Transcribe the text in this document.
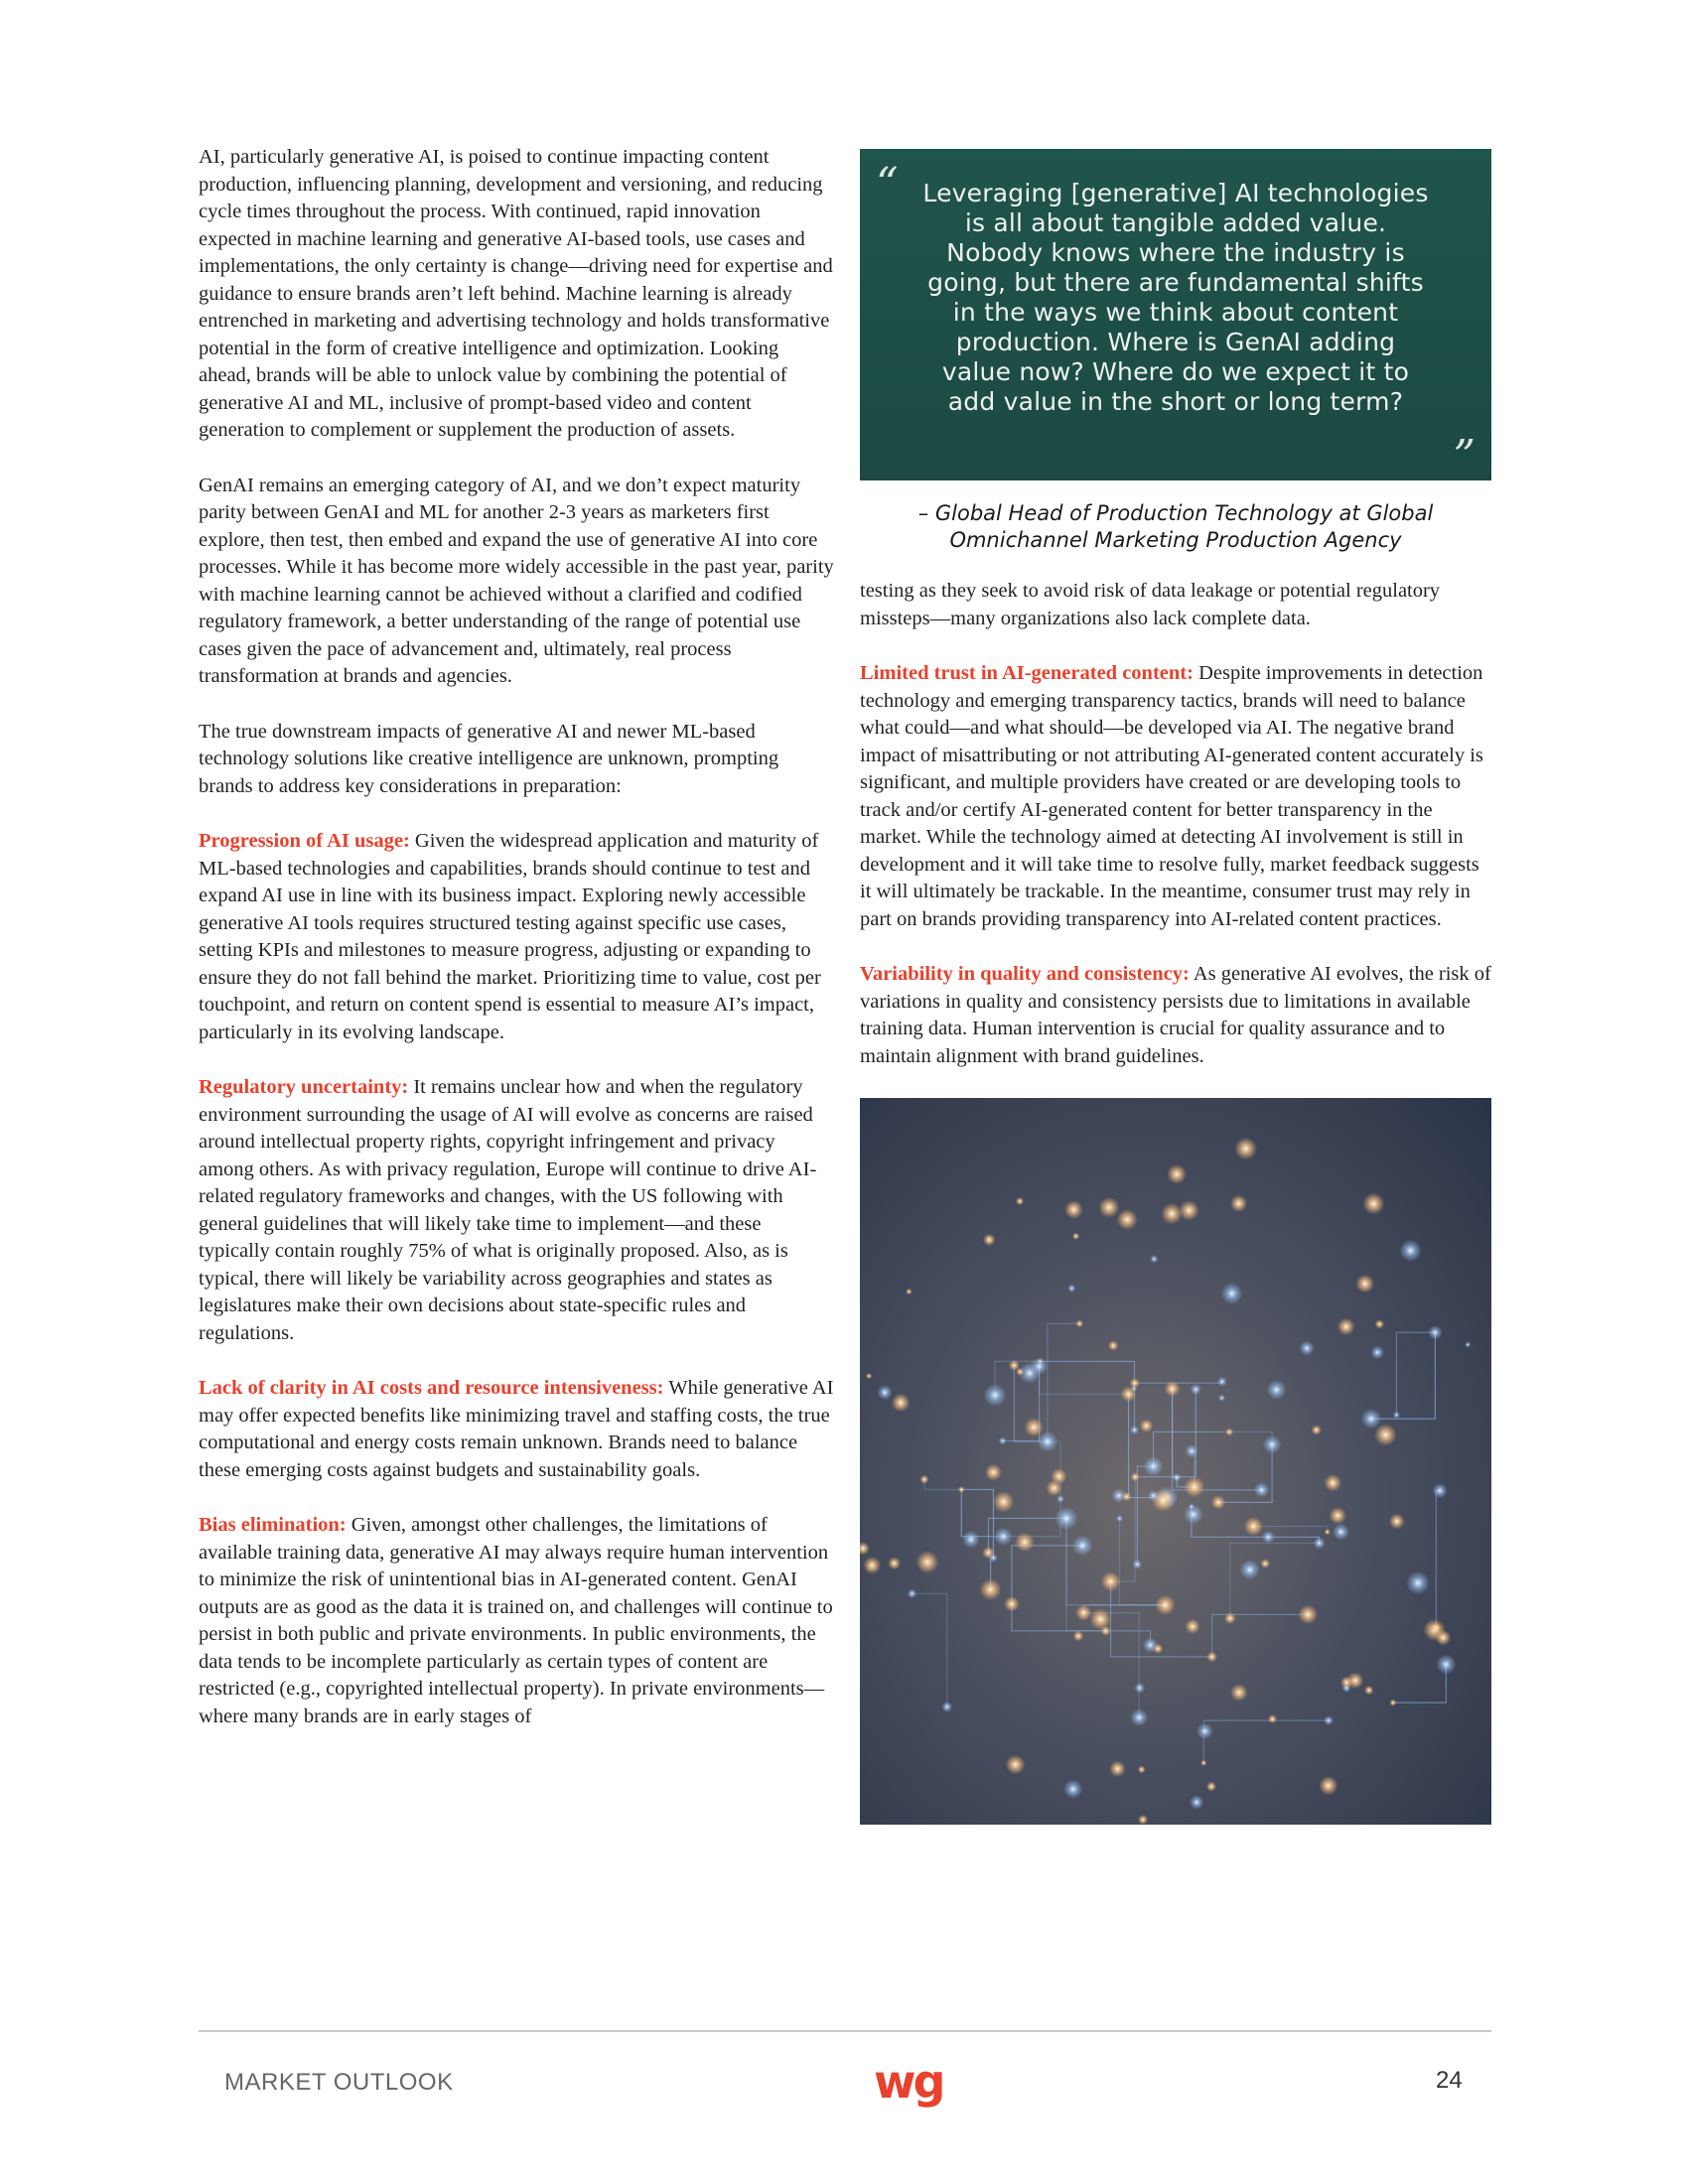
AI, particularly generative AI, is poised to continue impacting content production, influencing planning, development and versioning, and reducing cycle times throughout the process. With continued, rapid innovation expected in machine learning and generative AI-based tools, use cases and implementations, the only certainty is change—driving need for expertise and guidance to ensure brands aren’t left behind. Machine learning is already entrenched in marketing and advertising technology and holds transformative potential in the form of creative intelligence and optimization. Looking ahead, brands will be able to unlock value by combining the potential of generative AI and ML, inclusive of prompt-based video and content generation to complement or supplement the production of assets.

GenAI remains an emerging category of AI, and we don’t expect maturity parity between GenAI and ML for another 2-3 years as marketers first explore, then test, then embed and expand the use of generative AI into core processes. While it has become more widely accessible in the past year, parity with machine learning cannot be achieved without a clarified and codified regulatory framework, a better understanding of the range of potential use cases given the pace of advancement and, ultimately, real process transformation at brands and agencies.

The true downstream impacts of generative AI and newer ML-based technology solutions like creative intelligence are unknown, prompting brands to address key considerations in preparation:

Progression of AI usage: Given the widespread application and maturity of ML-based technologies and capabilities, brands should continue to test and expand AI use in line with its business impact. Exploring newly accessible generative AI tools requires structured testing against specific use cases, setting KPIs and milestones to measure progress, adjusting or expanding to ensure they do not fall behind the market. Prioritizing time to value, cost per touchpoint, and return on content spend is essential to measure AI’s impact, particularly in its evolving landscape.

Regulatory uncertainty: It remains unclear how and when the regulatory environment surrounding the usage of AI will evolve as concerns are raised around intellectual property rights, copyright infringement and privacy among others. As with privacy regulation, Europe will continue to drive AI-related regulatory frameworks and changes, with the US following with general guidelines that will likely take time to implement—and these typically contain roughly 75% of what is originally proposed. Also, as is typical, there will likely be variability across geographies and states as legislatures make their own decisions about state-specific rules and regulations.

Lack of clarity in AI costs and resource intensiveness: While generative AI may offer expected benefits like minimizing travel and staffing costs, the true computational and energy costs remain unknown. Brands need to balance these emerging costs against budgets and sustainability goals.

Bias elimination: Given, amongst other challenges, the limitations of available training data, generative AI may always require human intervention to minimize the risk of unintentional bias in AI-generated content. GenAI outputs are as good as the data it is trained on, and challenges will continue to persist in both public and private environments. In public environments, the data tends to be incomplete particularly as certain types of content are restricted (e.g., copyrighted intellectual property). In private environments—where many brands are in early stages of

“ Leveraging [generative] AI technologies is all about tangible added value. Nobody knows where the industry is going, but there are fundamental shifts in the ways we think about content production. Where is GenAI adding value now? Where do we expect it to add value in the short or long term?
”
– Global Head of Production Technology at Global Omnichannel Marketing Production Agency

testing as they seek to avoid risk of data leakage or potential regulatory missteps—many organizations also lack complete data.

Limited trust in AI-generated content: Despite improvements in detection technology and emerging transparency tactics, brands will need to balance what could—and what should—be developed via AI. The negative brand impact of misattributing or not attributing AI-generated content accurately is significant, and multiple providers have created or are developing tools to track and/or certify AI-generated content for better transparency in the market. While the technology aimed at detecting AI involvement is still in development and it will take time to resolve fully, market feedback suggests it will ultimately be trackable. In the meantime, consumer trust may rely in part on brands providing transparency into AI-related content practices.

Variability in quality and consistency: As generative AI evolves, the risk of variations in quality and consistency persists due to limitations in available training data. Human intervention is crucial for quality assurance and to maintain alignment with brand guidelines.

MARKET OUTLOOK	wg	24
